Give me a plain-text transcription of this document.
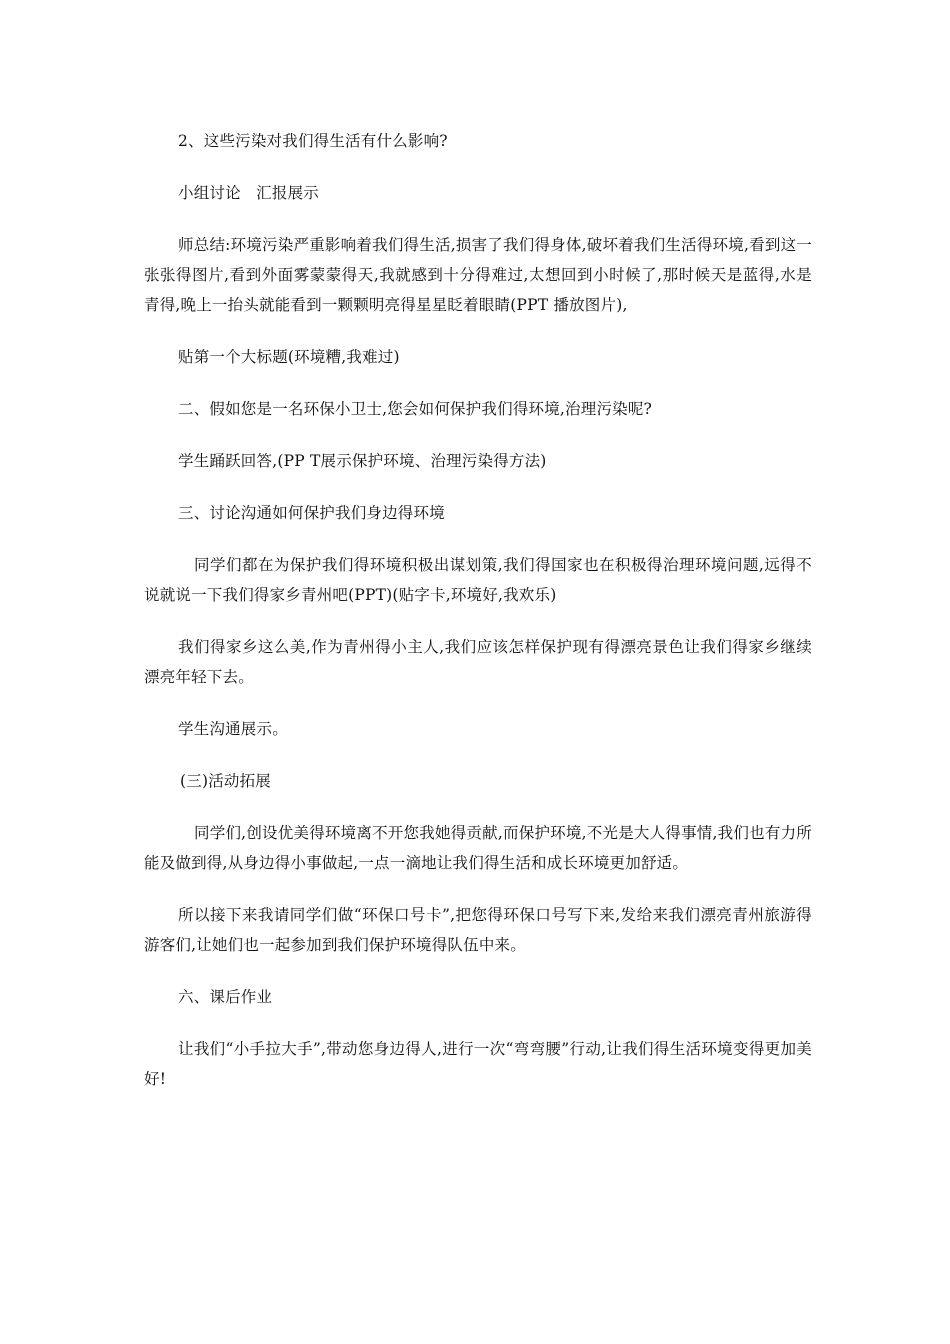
2、这些污染对我们得生活有什么影响?

小组讨论   汇报展示

师总结:环境污染严重影响着我们得生活,损害了我们得身体,破坏着我们生活得环境,看到这一张张得图片,看到外面雾蒙蒙得天,我就感到十分得难过,太想回到小时候了,那时候天是蓝得,水是青得,晚上一抬头就能看到一颗颗明亮得星星眨着眼睛(PPT 播放图片),

贴第一个大标题(环境糟,我难过)

二、假如您是一名环保小卫士,您会如何保护我们得环境,治理污染呢?

学生踊跃回答,(PP T展示保护环境、治理污染得方法)

三、讨论沟通如何保护我们身边得环境

同学们都在为保护我们得环境积极出谋划策,我们得国家也在积极得治理环境问题,远得不说就说一下我们得家乡青州吧(PPT)(贴字卡,环境好,我欢乐)

我们得家乡这么美,作为青州得小主人,我们应该怎样保护现有得漂亮景色让我们得家乡继续漂亮年轻下去。

学生沟通展示。

(三)活动拓展

同学们,创设优美得环境离不开您我她得贡献,而保护环境,不光是大人得事情,我们也有力所能及做到得,从身边得小事做起,一点一滴地让我们得生活和成长环境更加舒适。

所以接下来我请同学们做“环保口号卡”,把您得环保口号写下来,发给来我们漂亮青州旅游得游客们,让她们也一起参加到我们保护环境得队伍中来。

六、课后作业

让我们“小手拉大手”,带动您身边得人,进行一次“弯弯腰”行动,让我们得生活环境变得更加美好!
